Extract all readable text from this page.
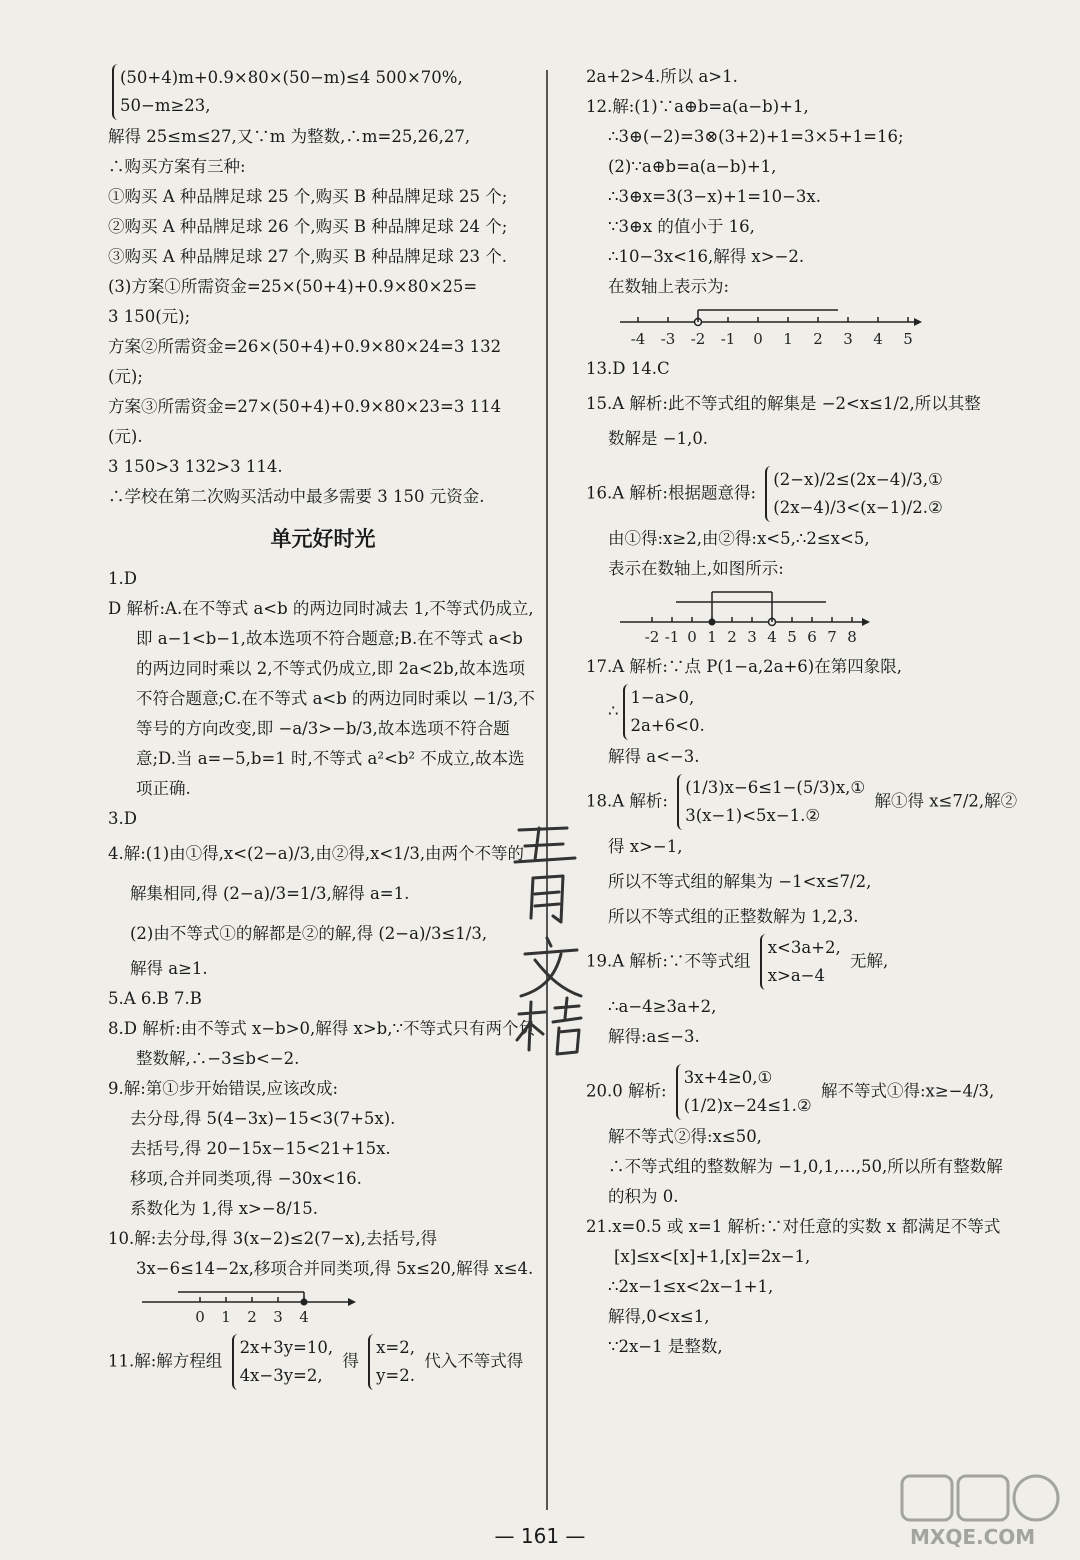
(50+4)m+0.9×80×(50−m)≤4 500×70%,
50−m≥23,
解得 25≤m≤27,又∵m 为整数,∴m=25,26,27,
∴购买方案有三种:
①购买 A 种品牌足球 25 个,购买 B 种品牌足球 25 个;
②购买 A 种品牌足球 26 个,购买 B 种品牌足球 24 个;
③购买 A 种品牌足球 27 个,购买 B 种品牌足球 23 个.
(3)方案①所需资金=25×(50+4)+0.9×80×25=
3 150(元);
方案②所需资金=26×(50+4)+0.9×80×24=3 132
(元);
方案③所需资金=27×(50+4)+0.9×80×23=3 114
(元).
3 150>3 132>3 114.
∴学校在第二次购买活动中最多需要 3 150 元资金.
单元好时光
1.D
D 解析:A.在不等式 a<b 的两边同时减去 1,不等式仍成立,即 a−1<b−1,故本选项不符合题意;B.在不等式 a<b 的两边同时乘以 2,不等式仍成立,即 2a<2b,故本选项不符合题意;C.在不等式 a<b 的两边同时乘以 −1/3,不等号的方向改变,即 −a/3>−b/3,故本选项不符合题意;D.当 a=−5,b=1 时,不等式 a²<b² 不成立,故本选项正确.
3.D
4.解:(1)由①得,x<(2−a)/3,由②得,x<1/3,由两个不等的
解集相同,得 (2−a)/3=1/3,解得 a=1.
(2)由不等式①的解都是②的解,得 (2−a)/3≤1/3,
解得 a≥1.
5.A 6.B 7.B
8.D 解析:由不等式 x−b>0,解得 x>b,∵不等式只有两个负整数解,∴−3≤b<−2.
9.解:第①步开始错误,应该改成:
去分母,得 5(4−3x)−15<3(7+5x).
去括号,得 20−15x−15<21+15x.
移项,合并同类项,得 −30x<16.
系数化为 1,得 x>−8/15.
10.解:去分母,得 3(x−2)≤2(7−x),去括号,得 3x−6≤14−2x,移项合并同类项,得 5x≤20,解得 x≤4.
0 1 2 3 4
11.解:解方程组 2x+3y=10,
4x−3y=2, 得 x=2,
y=2. 代入不等式得
2a+2>4.所以 a>1.
12.解:(1)∵a⊕b=a(a−b)+1,
∴3⊕(−2)=3⊗(3+2)+1=3×5+1=16;
(2)∵a⊕b=a(a−b)+1,
∴3⊕x=3(3−x)+1=10−3x.
∵3⊕x 的值小于 16,
∴10−3x<16,解得 x>−2.
在数轴上表示为:
-4 -3 -2 -1 0 1 2 3 4 5
13.D 14.C
15.A 解析:此不等式组的解集是 −2<x≤1/2,所以其整
数解是 −1,0.
16.A 解析:根据题意得: (2−x)/2≤(2x−4)/3,①
(2x−4)/3<(x−1)/2.②
由①得:x≥2,由②得:x<5,∴2≤x<5,
表示在数轴上,如图所示:
-2 -1 0 1 2 3 4 5 6 7 8
17.A 解析:∵点 P(1−a,2a+6)在第四象限,
∴1−a>0,
2a+6<0.
解得 a<−3.
18.A 解析: (1/3)x−6≤1−(5/3)x,①
3(x−1)<5x−1.② 解①得 x≤7/2,解②
得 x>−1,
所以不等式组的解集为 −1<x≤7/2,
所以不等式组的正整数解为 1,2,3.
19.A 解析:∵不等式组 x<3a+2,
x>a−4 无解,
∴a−4≥3a+2,
解得:a≤−3.
20.0 解析: 3x+4≥0,①
(1/2)x−24≤1.② 解不等式①得:x≥−4/3,
解不等式②得:x≤50,
∴不等式组的整数解为 −1,0,1,…,50,所以所有整数解的积为 0.
21.x=0.5 或 x=1 解析:∵对任意的实数 x 都满足不等式[x]≤x<[x]+1,[x]=2x−1,
∴2x−1≤x<2x−1+1,
解得,0<x≤1,
∵2x−1 是整数,
MXQE.COM
— 161 —
